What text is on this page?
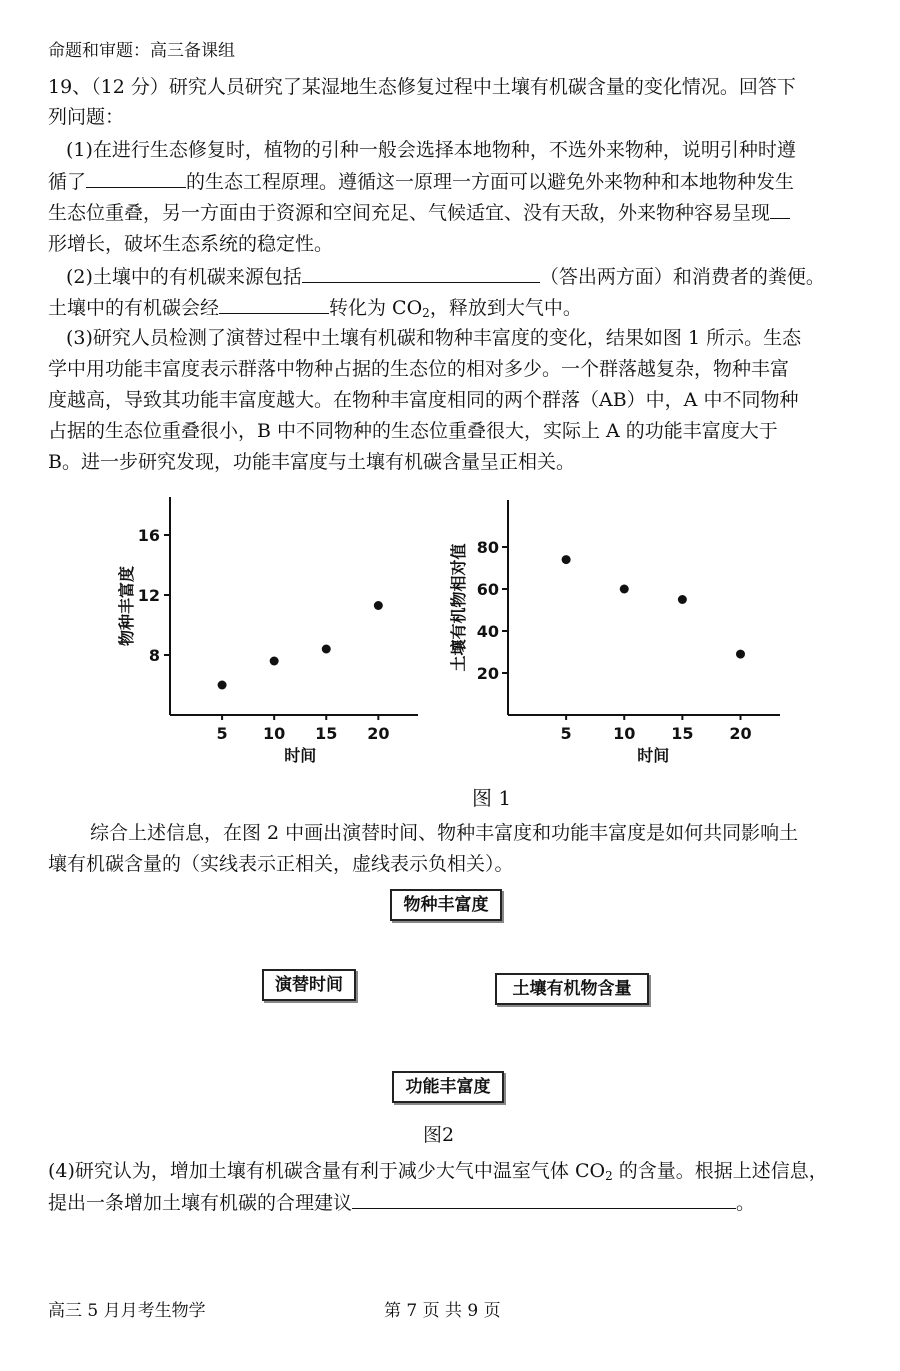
命题和审题：高三备课组
19、（12 分）研究人员研究了某湿地生态修复过程中土壤有机碳含量的变化情况。回答下
列问题：
(1)在进行生态修复时，植物的引种一般会选择本地物种，不选外来物种，说明引种时遵
循了	的生态工程原理。遵循这一原理一方面可以避免外来物种和本地物种发生
生态位重叠，另一方面由于资源和空间充足、气候适宜、没有天敌，外来物种容易呈现
形增长，破坏生态系统的稳定性。
(2)土壤中的有机碳来源包括	（答出两方面）和消费者的粪便。
土壤中的有机碳会经	转化为 $CO_2$，释放到大气中。
(3)研究人员检测了演替过程中土壤有机碳和物种丰富度的变化，结果如图 1 所示。生态
学中用功能丰富度表示群落中物种占据的生态位的相对多少。一个群落越复杂，物种丰富
度越高，导致其功能丰富度越大。在物种丰富度相同的两个群落（AB）中，A 中不同物种
占据的生态位重叠很小，B 中不同物种的生态位重叠很大，实际上 A 的功能丰富度大于
B。进一步研究发现，功能丰富度与土壤有机碳含量呈正相关。
8
12
16
5 10 15 20
物种丰富度
时间
20
40
60
80
5	10 15 20
土壤有机物相对值
时间
图 1
综合上述信息，在图 2 中画出演替时间、物种丰富度和功能丰富度是如何共同影响土
壤有机碳含量的（实线表示正相关，虚线表示负相关）。
物种丰富度
演替时间	土壤有机物含量
功能丰富度
图2
(4)研究认为，增加土壤有机碳含量有利于减少大气中温室气体 $CO_2$ 的含量。根据上述信息，
提出一条增加土壤有机碳的合理建议	。
高三 5 月月考生物学	第 7 页 共 9 页
